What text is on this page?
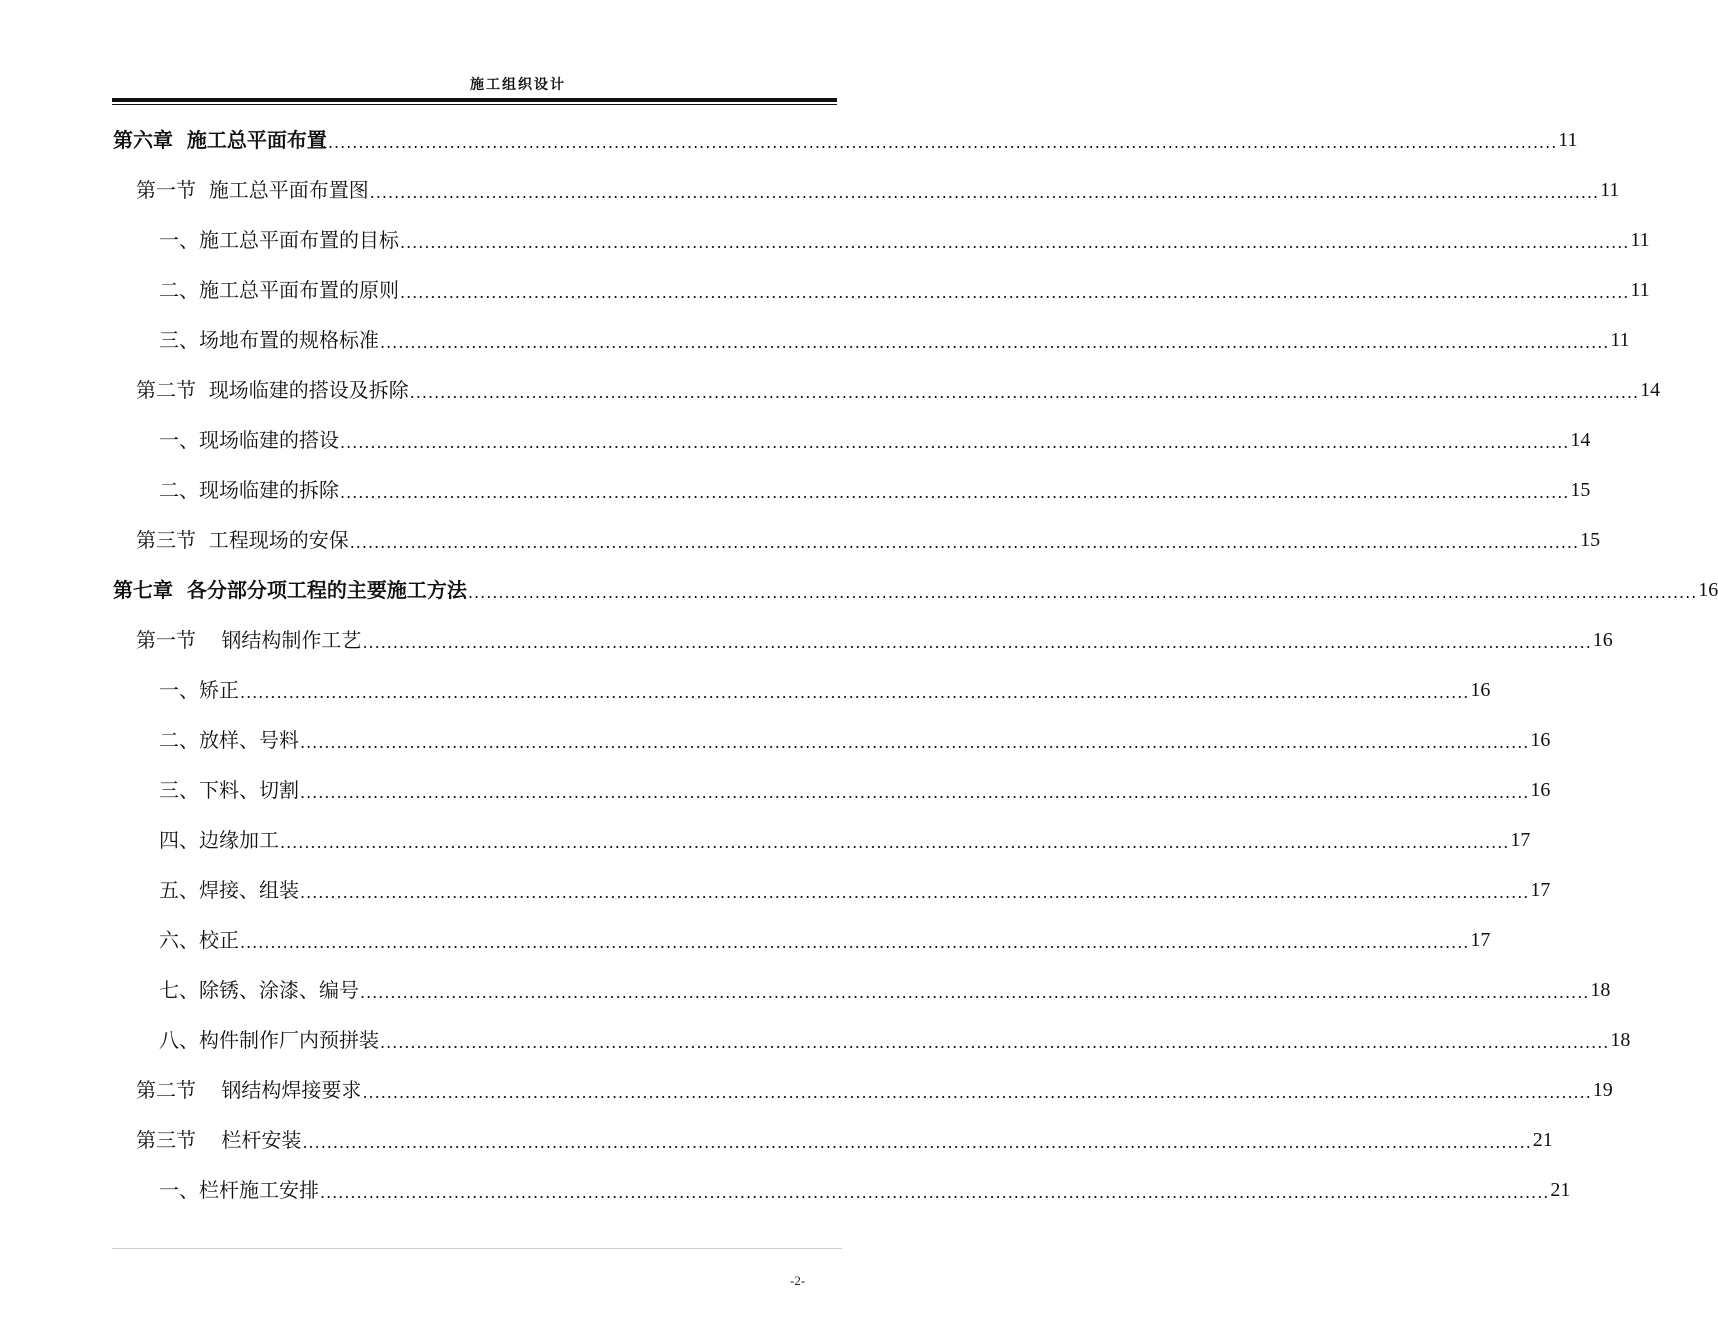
施工组织设计
第六章  施工总平面布置 .......................................................................................................................................................................................................... 11
第一节  施工总平面布置图 .......................................................................................................................................................................................................... 11
一、施工总平面布置的目标 .......................................................................................................................................................................................................... 11
二、施工总平面布置的原则 .......................................................................................................................................................................................................... 11
三、场地布置的规格标准 .......................................................................................................................................................................................................... 11
第二节  现场临建的搭设及拆除 .......................................................................................................................................................................................................... 14
一、现场临建的搭设 .......................................................................................................................................................................................................... 14
二、现场临建的拆除 .......................................................................................................................................................................................................... 15
第三节  工程现场的安保 .......................................................................................................................................................................................................... 15
第七章  各分部分项工程的主要施工方法 .......................................................................................................................................................................................................... 16
第一节    钢结构制作工艺 .......................................................................................................................................................................................................... 16
一、矫正 .......................................................................................................................................................................................................... 16
二、放样、号料 .......................................................................................................................................................................................................... 16
三、下料、切割 .......................................................................................................................................................................................................... 16
四、边缘加工 .......................................................................................................................................................................................................... 17
五、焊接、组装 .......................................................................................................................................................................................................... 17
六、校正 .......................................................................................................................................................................................................... 17
七、除锈、涂漆、编号 .......................................................................................................................................................................................................... 18
八、构件制作厂内预拼装 .......................................................................................................................................................................................................... 18
第二节    钢结构焊接要求 .......................................................................................................................................................................................................... 19
第三节    栏杆安装 .......................................................................................................................................................................................................... 21
一、栏杆施工安排 .......................................................................................................................................................................................................... 21
-2-
